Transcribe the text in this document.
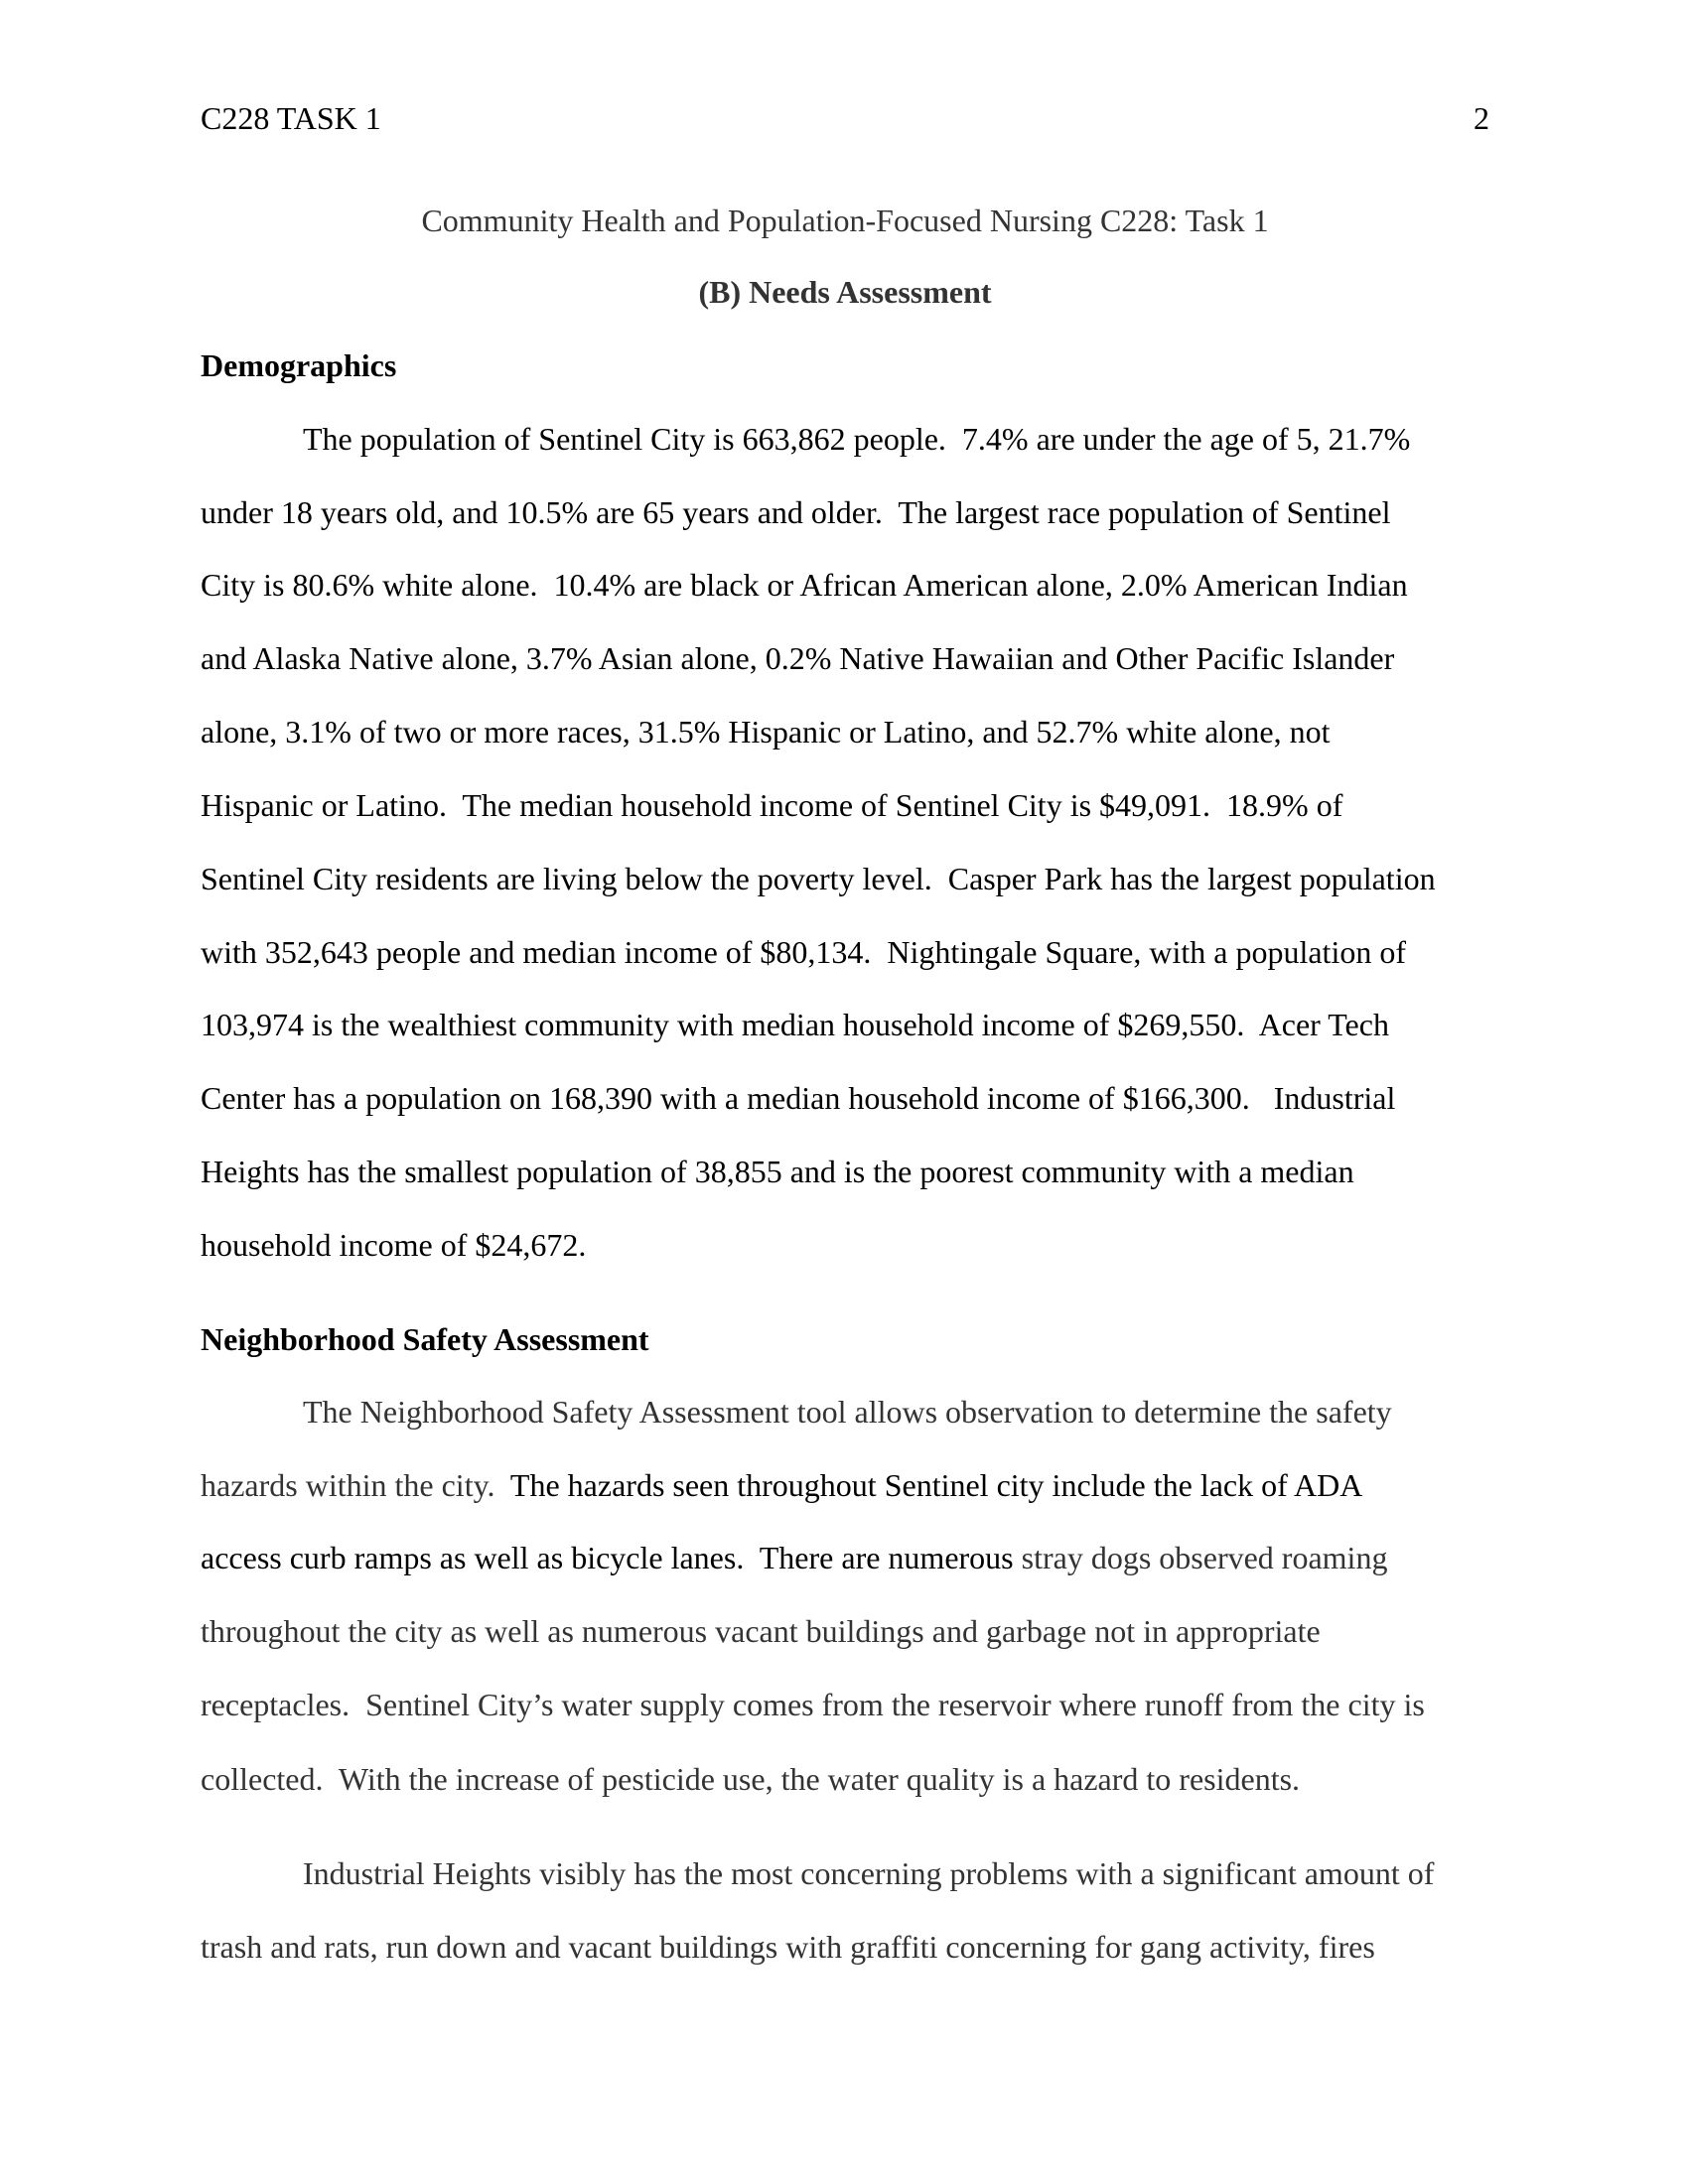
C228 TASK 1	2
Community Health and Population-Focused Nursing C228: Task 1
(B) Needs Assessment
Demographics
The population of Sentinel City is 663,862 people.  7.4% are under the age of 5, 21.7%
under 18 years old, and 10.5% are 65 years and older.  The largest race population of Sentinel
City is 80.6% white alone.  10.4% are black or African American alone, 2.0% American Indian
and Alaska Native alone, 3.7% Asian alone, 0.2% Native Hawaiian and Other Pacific Islander
alone, 3.1% of two or more races, 31.5% Hispanic or Latino, and 52.7% white alone, not
Hispanic or Latino.  The median household income of Sentinel City is $49,091.  18.9% of
Sentinel City residents are living below the poverty level.  Casper Park has the largest population
with 352,643 people and median income of $80,134.  Nightingale Square, with a population of
103,974 is the wealthiest community with median household income of $269,550.  Acer Tech
Center has a population on 168,390 with a median household income of $166,300.   Industrial
Heights has the smallest population of 38,855 and is the poorest community with a median
household income of $24,672.
Neighborhood Safety Assessment
The Neighborhood Safety Assessment tool allows observation to determine the safety
hazards within the city.  The hazards seen throughout Sentinel city include the lack of ADA
access curb ramps as well as bicycle lanes.  There are numerous stray dogs observed roaming
throughout the city as well as numerous vacant buildings and garbage not in appropriate
receptacles.  Sentinel City’s water supply comes from the reservoir where runoff from the city is
collected.  With the increase of pesticide use, the water quality is a hazard to residents.
Industrial Heights visibly has the most concerning problems with a significant amount of
trash and rats, run down and vacant buildings with graffiti concerning for gang activity, fires
